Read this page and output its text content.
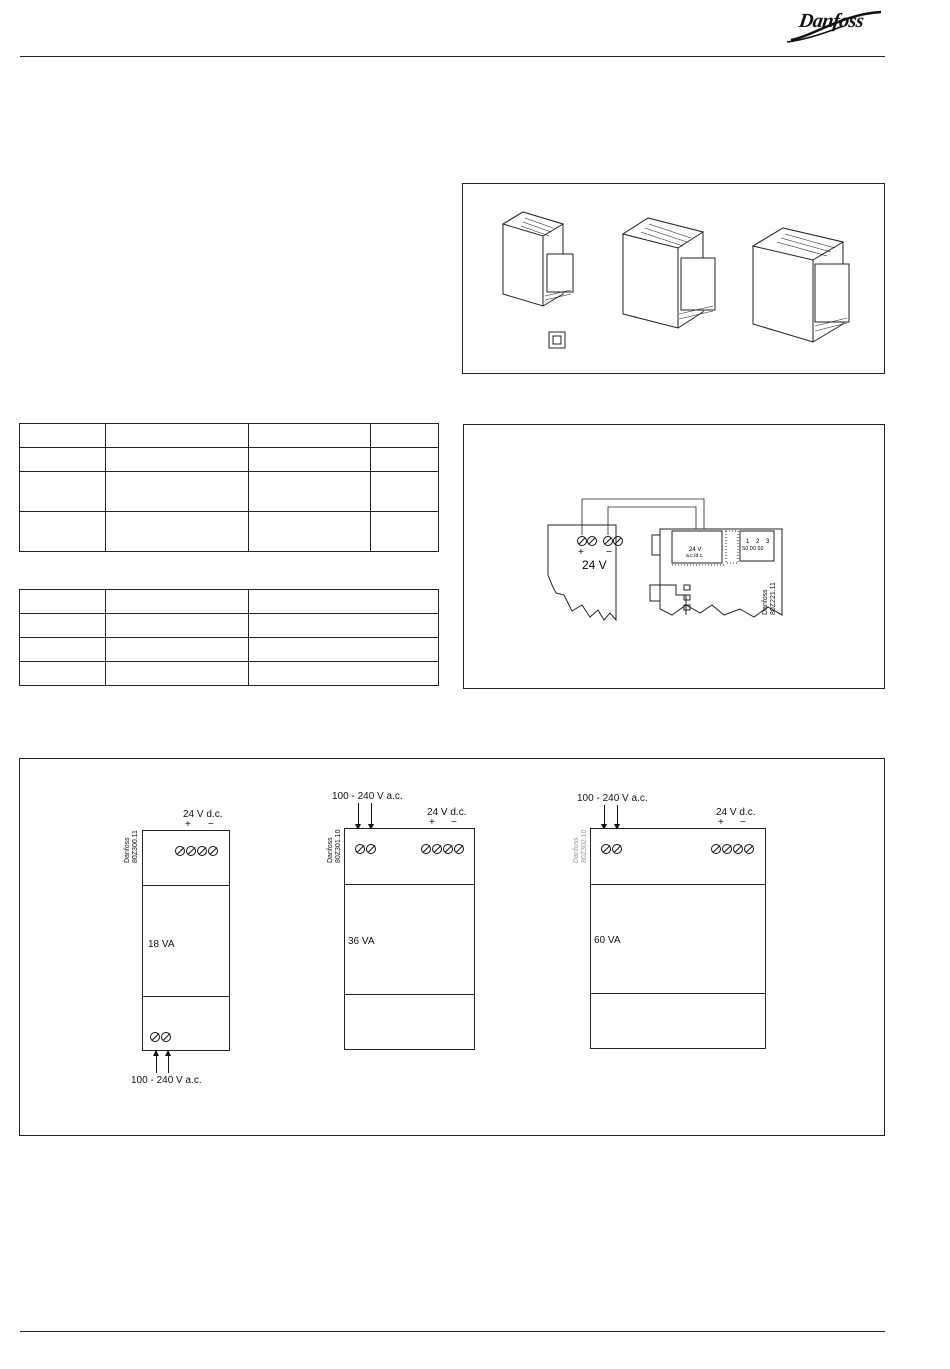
Danfoss

+ −
24 V
24 V
a.c./d.c.
1 2 3
S0 D0 S0
Danfoss
80Z221.11
24 V d.c.
+ −
Danfoss
80Z300.11
18 VA
100 - 240 V a.c.
100 - 240 V a.c.
24 V d.c.
+ −
Danfoss
80Z301.10
36 VA
100 - 240 V a.c.
24 V d.c.
+ −
Danfoss
80Z302.10
60 VA
